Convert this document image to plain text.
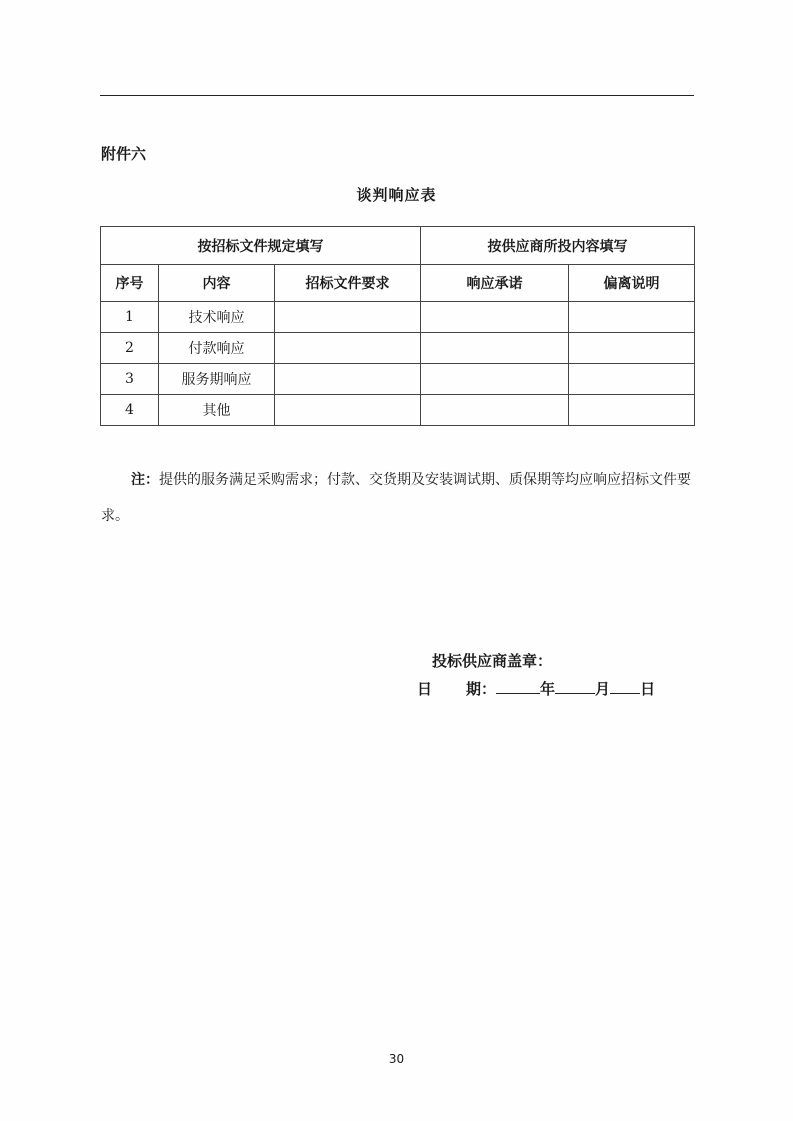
附件六
谈判响应表
按招标文件规定填写			按供应商所投内容填写	
序号	内容	招标文件要求	响应承诺	偏离说明
1	技术响应			
2	付款响应			
3	服务期响应			
4	其他			
注：提供的服务满足采购需求；付款、交货期及安装调试期、质保期等均应响应招标文件要求。
投标供应商盖章：
日 期：	年	月 日
30
